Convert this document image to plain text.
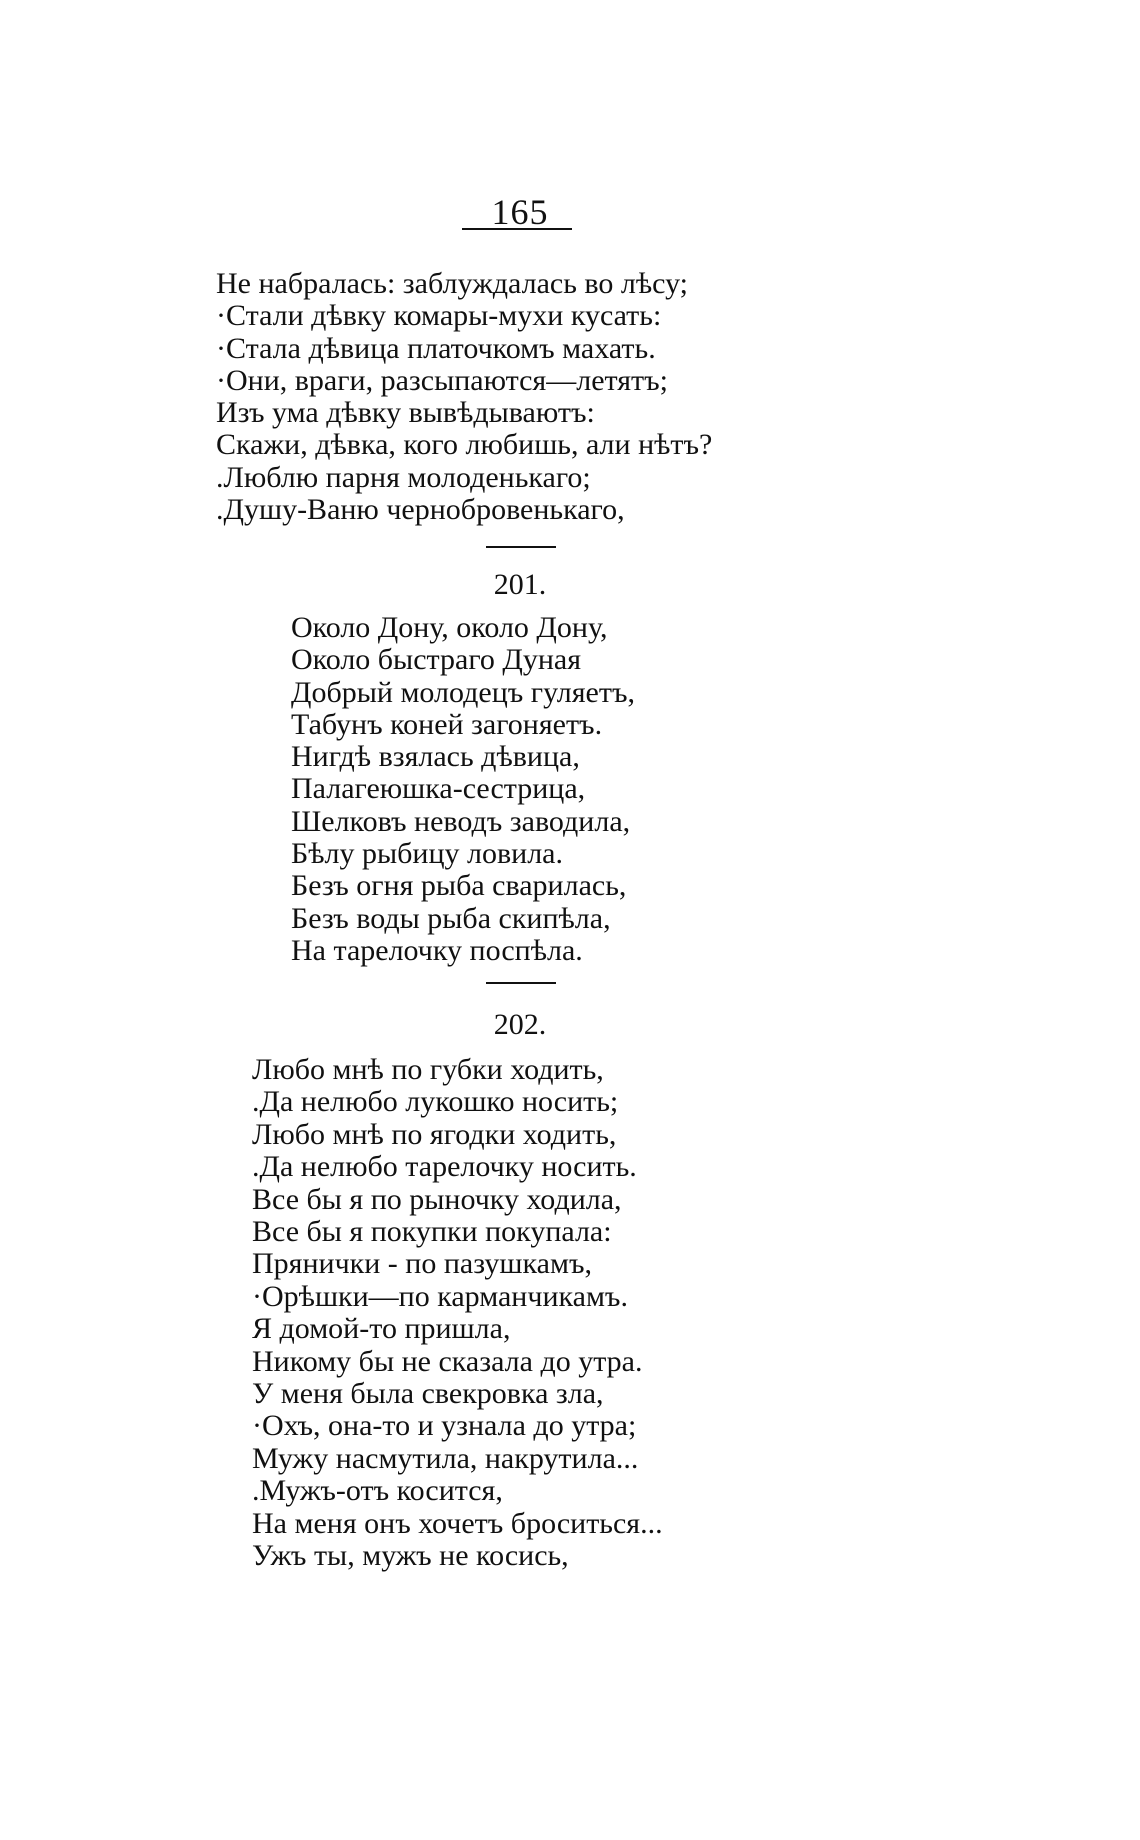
165
Не набралась: заблуждалась во лѣсу;
·Стали дѣвку комары-мухи кусать:
·Стала дѣвица платочкомъ махать.
·Они, враги, разсыпаются—летятъ;
Изъ ума дѣвку вывѣдываютъ:
Скажи, дѣвка, кого любишь, али нѣтъ?
.Люблю парня молоденькаго;
.Душу-Ваню чернобровенькаго,
201.
Около Дону, около Дону,
Около быстраго Дуная
Добрый молодецъ гуляетъ,
Табунъ коней загоняетъ.
Нигдѣ взялась дѣвица,
Палагеюшка-сестрица,
Шелковъ неводъ заводила,
Бѣлу рыбицу ловила.
Безъ огня рыба сварилась,
Безъ воды рыба скипѣла,
На тарелочку поспѣла.
202.
Любо мнѣ по губки ходить,
.Да нелюбо лукошко носить;
Любо мнѣ по ягодки ходить,
.Да нелюбо тарелочку носить.
Все бы я по рыночку ходила,
Все бы я покупки покупала:
Прянички - по пазушкамъ,
·Орѣшки—по карманчикамъ.
Я домой-то пришла,
Никому бы не сказала до утра.
У меня была свекровка зла,
·Охъ, она-то и узнала до утра;
Мужу насмутила, накрутила...
.Мужъ-отъ косится,
На меня онъ хочетъ броситься...
Ужъ ты, мужъ не косись,
